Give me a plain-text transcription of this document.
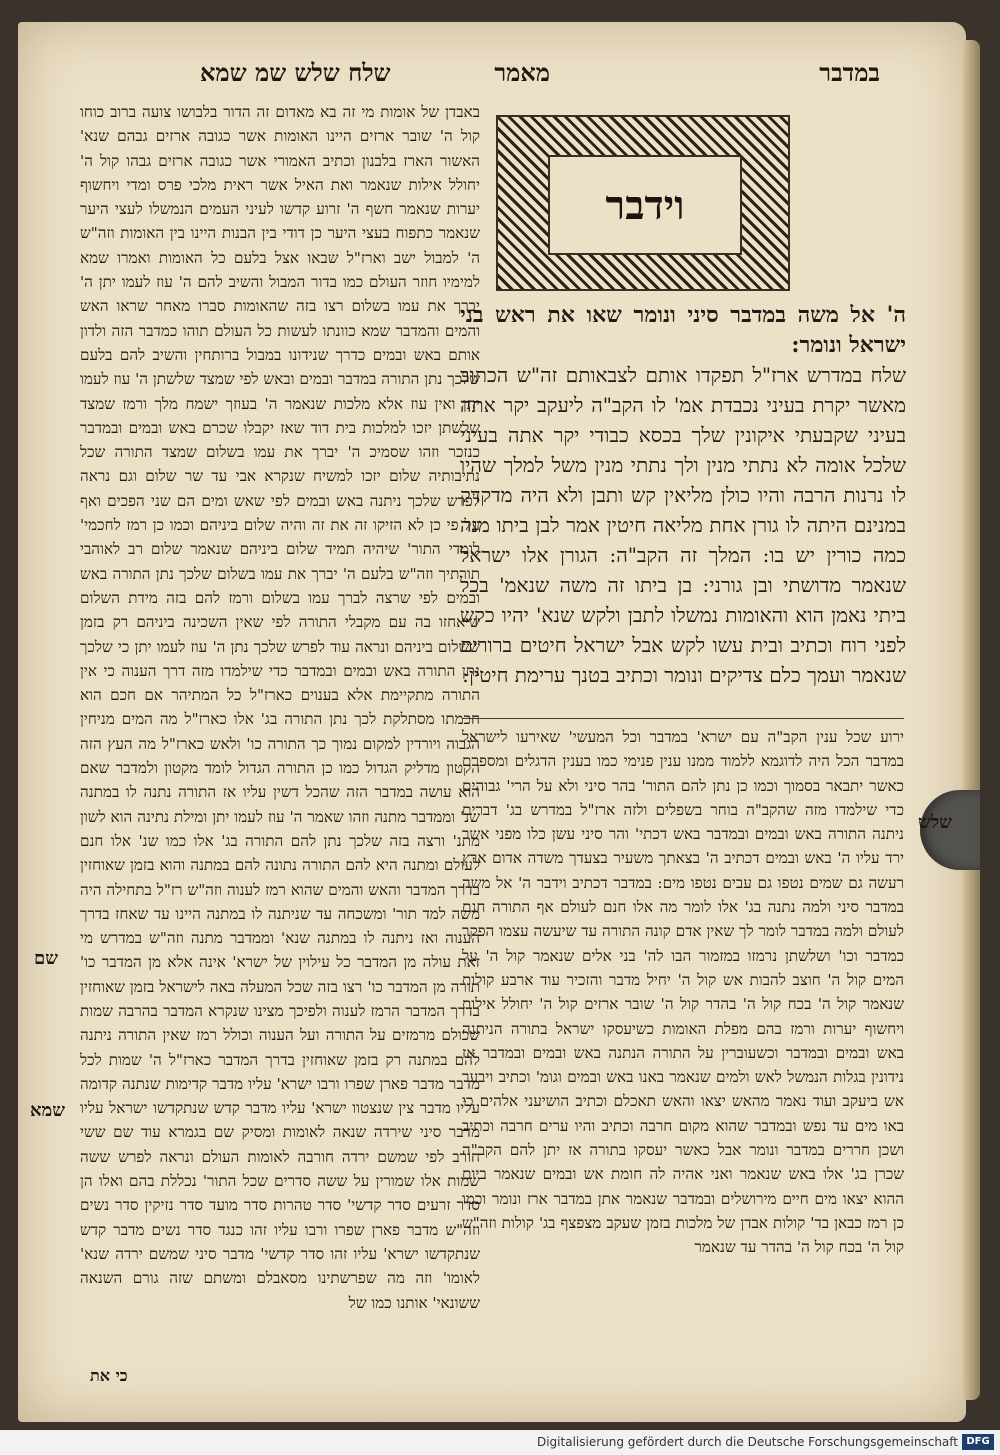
במדבר
מאמר
שלח שלש שמ שמא
וידבר
ה' אל משה במדבר סיני ונומר שאו את ראש בני ישראל ונומר:

שלח במדרש ארז"ל תפקדו אותם לצבאותם זה"ש הכתוב מאשר יקרת בעיני נכבדת אמ' לו הקב"ה ליעקב יקר אתה בעיני שקבעתי איקונין שלך בכסא כבודי יקר אתה בעיני שלכל אומה לא נתתי מנין ולך נתתי מנין משל למלך שהיו לו נרנות הרבה והיו כולן מליאין קש ותבן ולא היה מדקדק במנינם היתה לו גורן אחת מליאה חיטין אמר לבן ביתו מנה כמה כורין יש בו: המלך זה הקב"ה: הגורן אלו ישראל שנאמר מדושתי ובן גורני: בן ביתו זה משה שנאמ' בכל ביתי נאמן הוא והאומות נמשלו לתבן ולקש שנא' יהיו כקש לפני רוח וכתיב ובית עשו לקש אבל ישראל חיטים ברורים שנאמר ועמך כלם צדיקים ונומר וכתיב בטנך ערימת חיטין:

ירוע שכל ענין הקב"ה עם ישרא' במדבר וכל המעשי' שאירעו לישראל במדבר הכל היה לדוגמא ללמוד ממנו ענין פנימי כמו בענין הדגלים ומספרם כאשר יתבאר בסמוך וכמו כן נתן להם התור' בהר סיני ולא על הרי' גבוהים כדי שילמדו מזה שהקב"ה בוחר בשפלים ולזה ארז"ל במדרש בג' דברים ניתנה התורה באש ובמים ובמדבר באש דכתי' והר סיני עשן כלו מפני אשר ירד עליו ה' באש ובמים דכתיב ה' בצאתך משעיר בצעדך משדה אדום ארץ רעשה גם שמים נטפו גם עבים נטפו מים: במדבר דכתיב וידבר ה' אל משה במדבר סיני ולמה נתנה בג' אלו לומר מה אלו חנם לעולם אף התורה חנם לעולם ולמה במדבר לומר לך שאין אדם קונה התורה עד שיעשה עצמו הפקר כמדבר וכו' ושלשתן נרמזו במזמור הבו לה' בני אלים שנאמר קול ה' על המים קול ה' חוצב להבות אש קול ה' יחיל מדבר והזכיר עוד ארבע קולות שנאמר קול ה' בכח קול ה' בהדר קול ה' שובר ארזים קול ה' יחולל אילות ויחשוף יערות ורמז בהם מפלת האומות כשיעסקו ישראל בתורה הניתנה באש ובמים ובמדבר וכשעוברין על התורה הנתנה באש ובמים ובמדבר אז נידונין בגלות הנמשל לאש ולמים שנאמר באנו באש ובמים וגומ' וכתיב ויבער אש ביעקב ועוד נאמר מהאש יצאו והאש תאכלם וכתיב הושיעני אלהים כי באו מים עד נפש ובמדבר שהוא מקום חרבה וכתיב והיו ערים חרבה וכתיב ושכן חררים במדבר ונומר אבל כאשר יעסקו בתורה אז יתן להם הקב"ה שכרן בג' אלו באש שנאמר ואני אהיה לה חומת אש ובמים שנאמר ביום ההוא יצאו מים חיים מירושלים ובמדבר שנאמר אתן במדבר ארז ונומר וכמו כן רמז כבאן בד' קולות אבדן של מלכות בזמן שעקב מצפצף בג' קולות וזה"ש קול ה' בכח קול ה' בהדר עד שנאמר

באבדן של אומות מי זה בא מאדום זה הדור בלבושו צועה ברוב כוחו קול ה' שובר ארזים היינו האומות אשר כגובה ארזים גבהם שנא' האשור הארז בלבנון וכתיב האמורי אשר כגובה ארזים גבהו קול ה' יחולל אילות שנאמר ואת האיל אשר ראית מלכי פרס ומדי ויחשוף יערות שנאמר חשף ה' זרוע קדשו לעיני העמים הנמשלו לעצי היער שנאמר כתפוח בעצי היער כן דודי בין הבנות היינו בין האומות וזה"ש ה' למבול ישב וארז"ל שבאו אצל בלעם כל האומות ואמרו שמא למימיו חוזר העולם כמו בדור המבול והשיב להם ה' עוז לעמו יתן ה' יברך את עמו בשלום רצו בזה שהאומות סברו מאחר שראו האש והמים והמדבר שמא כוונתו לעשות כל העולם תוהו כמדבר הזה ולדון אותם באש ובמים כדרך שנידונו במבול ברותחין והשיב להם בלעם שלכך נתן התורה במדבר ובמים ובאש לפי שמצד שלשתן ה' עוז לעמו יתן ואין עוז אלא מלכות שנאמר ה' בעוזך ישמח מלך ורמז שמצד שלשתן יזכו למלכות בית דוד שאז יקבלו שכרם באש ובמים ובמדבר כנזכר וזהו שסמיכ ה' יברך את עמו בשלום שמצד התורה שכל נתיבותיה שלום יזכו למשיח שנקרא אבי עד שר שלום וגם נראה לפרש שלכך ניתנה באש ובמים לפי שאש ומים הם שני הפכים ואף על פי כן לא הזיקו זה את זה והיה שלום ביניהם וכמו כן רמז לחכמי' לומדי התור' שיהיה תמיד שלום ביניהם שנאמר שלום רב לאוהבי תורתיך וזה"ש בלעם ה' יברך את עמו בשלום שלכך נתן התורה באש ובמים לפי שרצה לברך עמו בשלום ורמז להם בזה מידת השלום שיאחזו בה עם מקבלי התורה לפי שאין השכינה ביניהם רק בזמן ששלום ביניהם ונראה עוד לפרש שלכך נתן ה' עוז לעמו יתן כי שלכך נתן התורה באש ובמים ובמדבר כדי שילמדו מזה דרך הענוה כי אין התורה מתקיימת אלא בענוים כארז"ל כל המתיהר אם חכם הוא חכמתו מסתלקת לכך נתן התורה בג' אלו כארז"ל מה המים מניחין הגבוה ויורדין למקום נמוך כך התורה כו' ולאש כארז"ל מה העץ הזה הקטון מדליק הגדול כמו כן התורה הגדול לומד מקטון ולמדבר שאם הוא עושה במדבר הזה שהכל דשין עליו אז התורה נתנה לו במתנה שנ' וממדבר מתנה וזהו שאמר ה' עוז לעמו יתן ומילת נתינה הוא לשון מתנ' ורצה בזה שלכך נתן להם התורה בג' אלו כמו שנ' אלו חנם לעולם ומתנה היא להם התורה נתונה להם במתנה והוא בזמן שאוחזין בדרך המדבר והאש והמים שהוא רמז לענוה וזה"ש רז"ל בתחילה היה משה למד תור' ומשכחה עד שניתנה לו במתנה היינו עד שאחז בדרך הענוה ואז ניתנה לו במתנה שנא' וממדבר מתנה וזה"ש במדרש מי זאת עולה מן המדבר כל עילוין של ישרא' אינה אלא מן המדבר כו' תורה מן המדבר כו' רצו בזה שכל המעלה באה לישראל בזמן שאוחזין בדרך המדבר הרמז לענוה ולפיכך מצינו שנקרא המדבר בהרבה שמות שכולם מרמזים על התורה ועל הענוה וכולל רמז שאין התורה ניתנה להם במתנה רק בזמן שאוחזין בדרך המדבר כארז"ל ה' שמות לכל מדבר מדבר פארן שפרו ורבו ישרא' עליו מדבר קדימות שנתנה קדומה עליו מדבר צין שנצטוו ישרא' עליו מדבר קדש שנתקדשו ישראל עליו מדבר סיני שירדה שנאה לאומות ומסיק שם בגמרא עוד שם ששי חורב לפי שמשם ירדה חורבה לאומות העולם ונראה לפרש ששה שמות אלו שמורין על ששה סדרים שכל התור' נכללת בהם ואלו הן סדר זרעים סדר קדשי' סדר טהרות סדר מועד סדר נזיקין סדר נשים וזה"ש מדבר פארן שפרו ורבו עליו זהו כנגד סדר נשים מדבר קדש שנתקדשו ישרא' עליו זהו סדר קדשי' מדבר סיני שמשם ירדה שנא' לאומו' וזה מה שפרשתינו מסאבלם ומשתם שזה גורם השנאה ששונאי' אותנו כמו של

שלש
שם
שמא
כי את
Digitalisierung gefördert durch die Deutsche Forschungsgemeinschaft DFG
